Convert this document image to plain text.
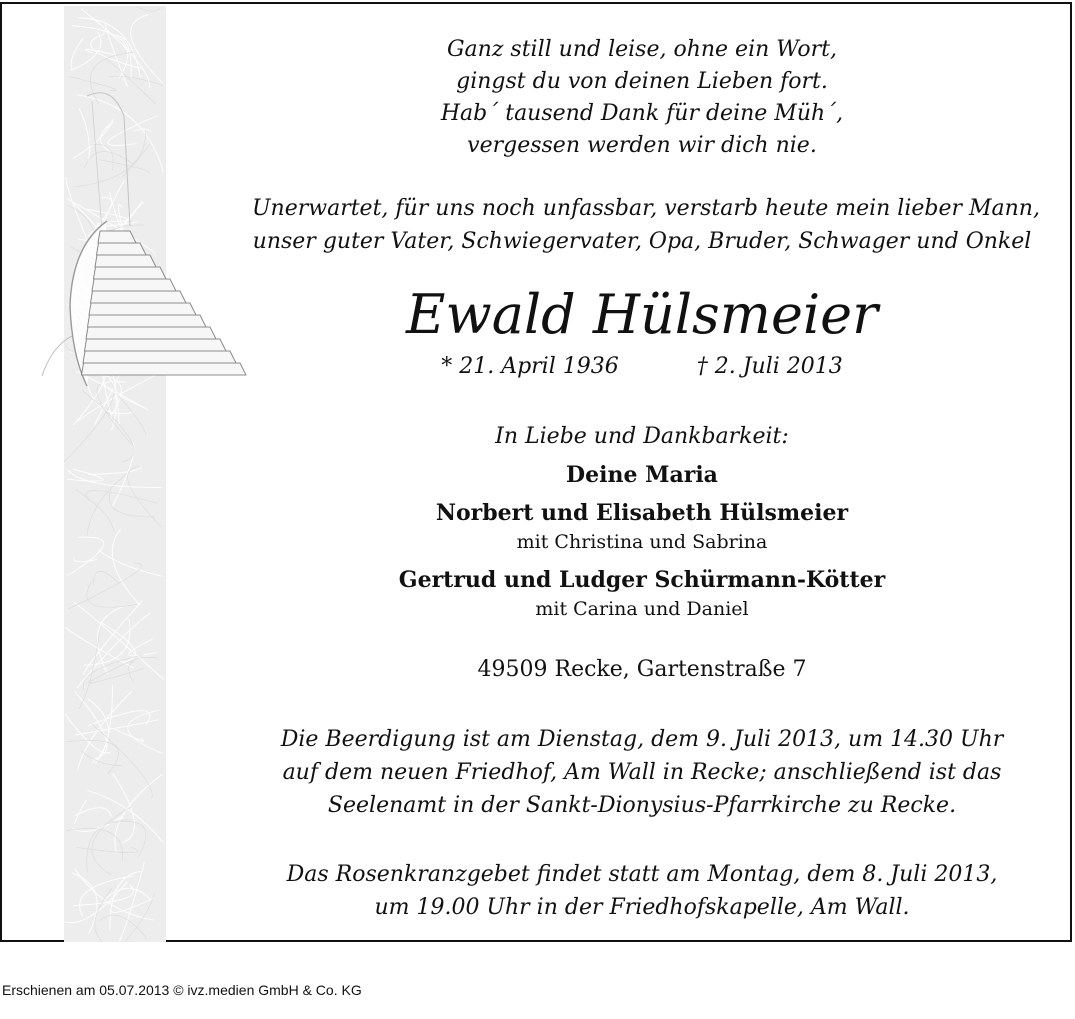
Ganz still und leise, ohne ein Wort,
gingst du von deinen Lieben fort.
Hab´ tausend Dank für deine Müh´,
vergessen werden wir dich nie.
Unerwartet, für uns noch unfassbar, verstarb heute mein lieber Mann,
unser guter Vater, Schwiegervater, Opa, Bruder, Schwager und Onkel
Ewald Hülsmeier
* 21. April 1936	† 2. Juli 2013
In Liebe und Dankbarkeit:
Deine Maria
Norbert und Elisabeth Hülsmeier
mit Christina und Sabrina
Gertrud und Ludger Schürmann-Kötter
mit Carina und Daniel
49509 Recke, Gartenstraße 7
Die Beerdigung ist am Dienstag, dem 9. Juli 2013, um 14.30 Uhr
auf dem neuen Friedhof, Am Wall in Recke; anschließend ist das
Seelenamt in der Sankt-Dionysius-Pfarrkirche zu Recke.
Das Rosenkranzgebet findet statt am Montag, dem 8. Juli 2013,
um 19.00 Uhr in der Friedhofskapelle, Am Wall.
Erschienen am 05.07.2013 © ivz.medien GmbH & Co. KG
